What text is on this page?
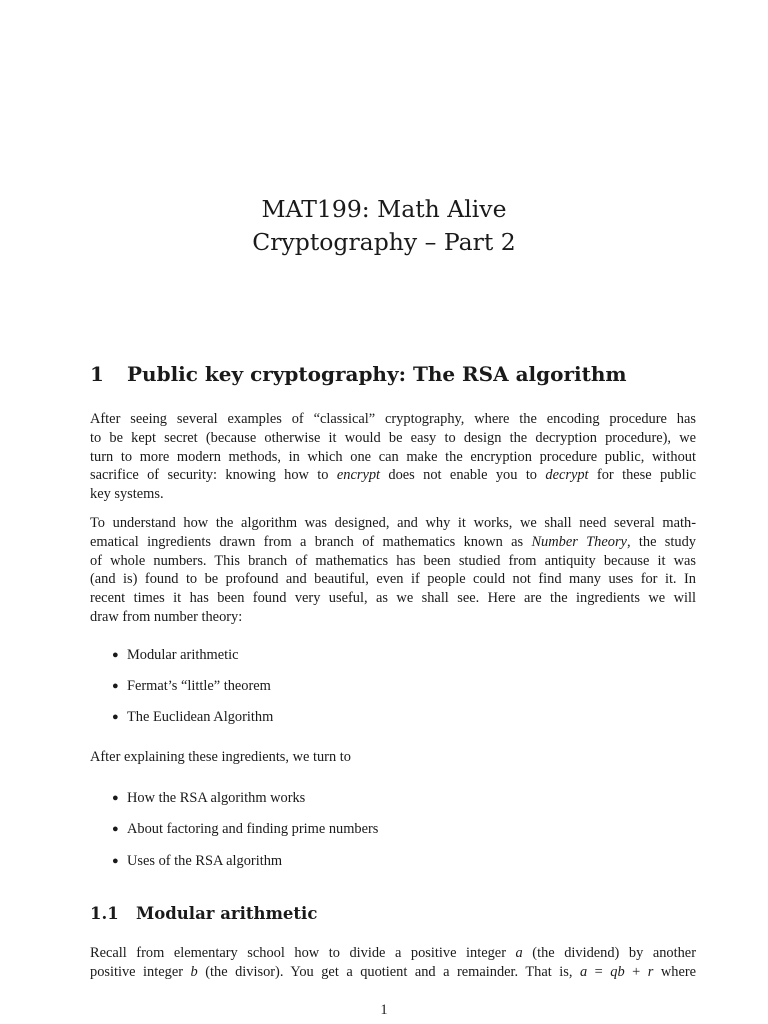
MAT199: Math Alive
Cryptography – Part 2
1 Public key cryptography: The RSA algorithm
After seeing several examples of “classical” cryptography, where the encoding procedure has
to be kept secret (because otherwise it would be easy to design the decryption procedure), we
turn to more modern methods, in which one can make the encryption procedure public, without
sacrifice of security: knowing how to encrypt does not enable you to decrypt for these public
key systems.
To understand how the algorithm was designed, and why it works, we shall need several math-
ematical ingredients drawn from a branch of mathematics known as Number Theory, the study
of whole numbers. This branch of mathematics has been studied from antiquity because it was
(and is) found to be profound and beautiful, even if people could not find many uses for it. In
recent times it has been found very useful, as we shall see. Here are the ingredients we will
draw from number theory:
● Modular arithmetic
● Fermat’s “little” theorem
● The Euclidean Algorithm
After explaining these ingredients, we turn to
● How the RSA algorithm works
● About factoring and finding prime numbers
● Uses of the RSA algorithm
1.1 Modular arithmetic
Recall from elementary school how to divide a positive integer a (the dividend) by another
positive integer b (the divisor). You get a quotient and a remainder. That is, a = qb + r where
1
